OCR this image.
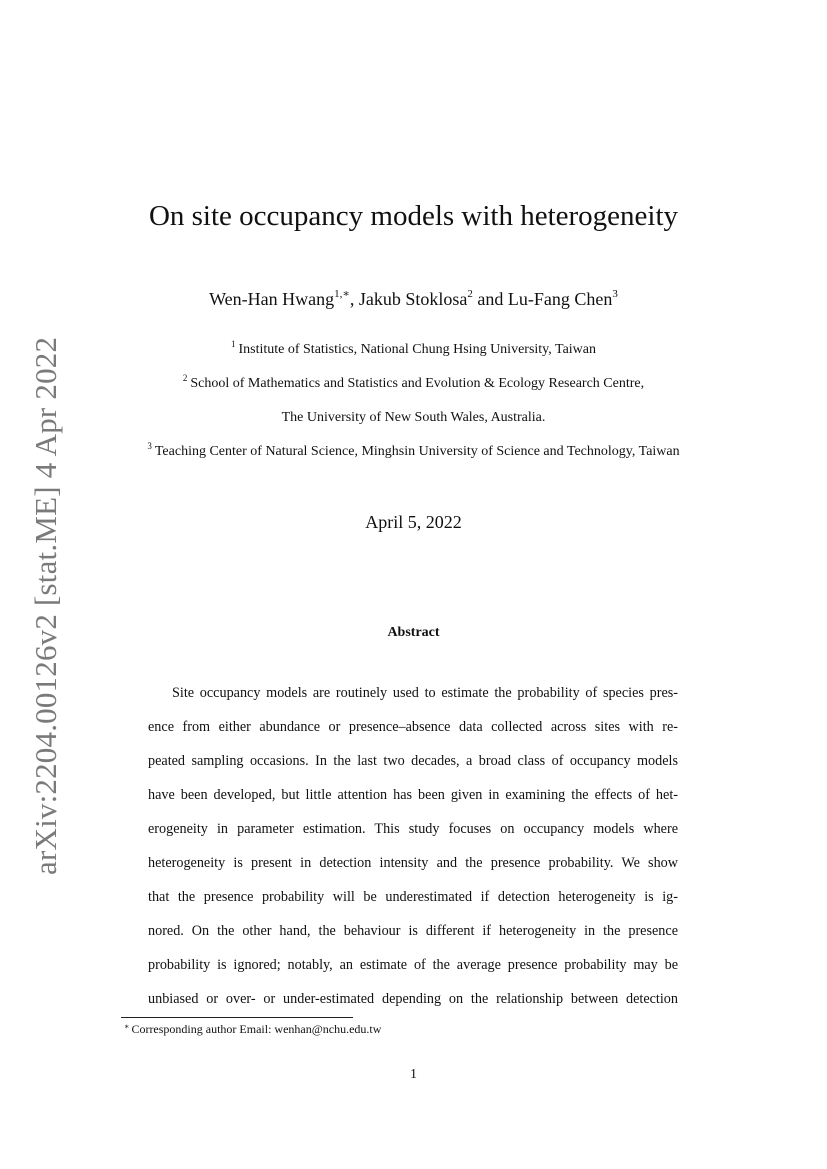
arXiv:2204.00126v2 [stat.ME] 4 Apr 2022
On site occupancy models with heterogeneity
Wen-Han Hwang$^{1,∗}$, Jakub Stoklosa$^2$ and Lu-Fang Chen$^3$
$^1$ Institute of Statistics, National Chung Hsing University, Taiwan
$^2$ School of Mathematics and Statistics and Evolution & Ecology Research Centre,
The University of New South Wales, Australia.
$^3$ Teaching Center of Natural Science, Minghsin University of Science and Technology, Taiwan
April 5, 2022
Abstract
Site occupancy models are routinely used to estimate the probability of species pres-
ence from either abundance or presence–absence data collected across sites with re-
peated sampling occasions. In the last two decades, a broad class of occupancy models
have been developed, but little attention has been given in examining the effects of het-
erogeneity in parameter estimation. This study focuses on occupancy models where
heterogeneity is present in detection intensity and the presence probability. We show
that the presence probability will be underestimated if detection heterogeneity is ig-
nored. On the other hand, the behaviour is different if heterogeneity in the presence
probability is ignored; notably, an estimate of the average presence probability may be
unbiased or over- or under-estimated depending on the relationship between detection
∗ Corresponding author Email: wenhan@nchu.edu.tw
1
